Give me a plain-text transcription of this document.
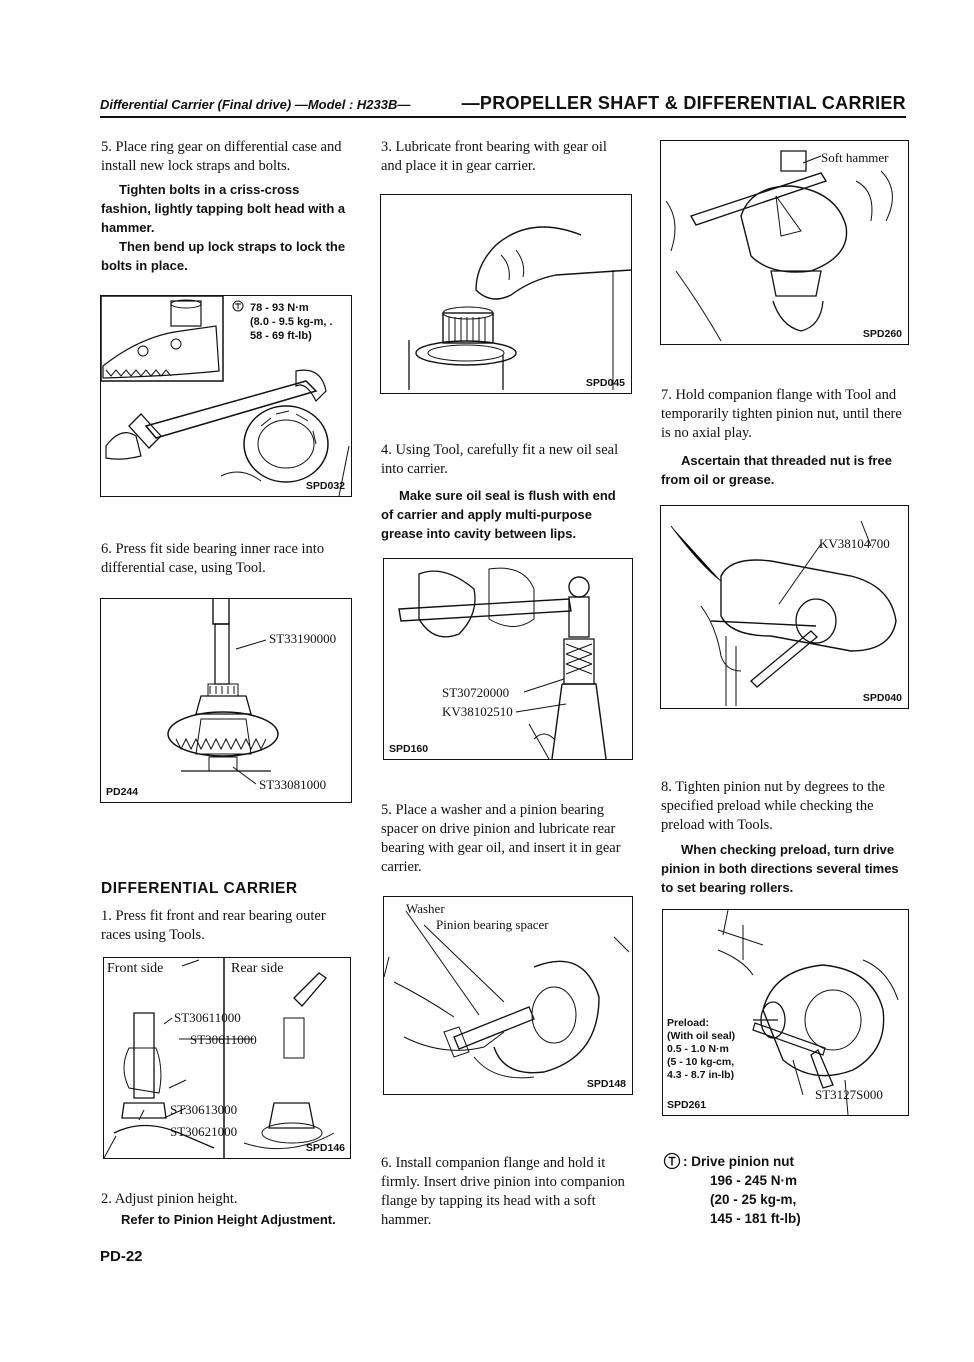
Differential Carrier (Final drive) —Model : H233B—	—PROPELLER SHAFT & DIFFERENTIAL CARRIER
5. Place ring gear on differential case and install new lock straps and bolts.
Tighten bolts in a criss-cross fashion, lightly tapping bolt head with a hammer.
Then bend up lock straps to lock the bolts in place.
78 - 93 N·m
(8.0 - 9.5 kg-m, .
58 - 69 ft-lb)
SPD032
6. Press fit side bearing inner race into differential case, using Tool.
ST33190000
ST33081000
PD244
DIFFERENTIAL CARRIER
1. Press fit front and rear bearing outer races using Tools.
Front side	Rear side
ST30611000
ST30611000
ST30613000
ST30621000
SPD146
2. Adjust pinion height.
Refer to Pinion Height Adjustment.
3. Lubricate front bearing with gear oil and place it in gear carrier.
SPD045
4. Using Tool, carefully fit a new oil seal into carrier.
Make sure oil seal is flush with end of carrier and apply multi-purpose grease into cavity between lips.
ST30720000
KV38102510
SPD160
5. Place a washer and a pinion bearing spacer on drive pinion and lubricate rear bearing with gear oil, and insert it in gear carrier.
Washer
Pinion bearing spacer
SPD148
6. Install companion flange and hold it firmly. Insert drive pinion into companion flange by tapping its head with a soft hammer.
Soft hammer
SPD260
7. Hold companion flange with Tool and temporarily tighten pinion nut, until there is no axial play.
Ascertain that threaded nut is free from oil or grease.
KV38104700
SPD040
8. Tighten pinion nut by degrees to the specified preload while checking the preload with Tools.
When checking preload, turn drive pinion in both directions several times to set bearing rollers.
Preload:
(With oil seal)
0.5 - 1.0 N·m
(5 - 10 kg-cm,
4.3 - 8.7 in-lb)
ST3127S000
SPD261
: Drive pinion nut
196 - 245 N·m
(20 - 25 kg-m,
145 - 181 ft-lb)
PD-22
